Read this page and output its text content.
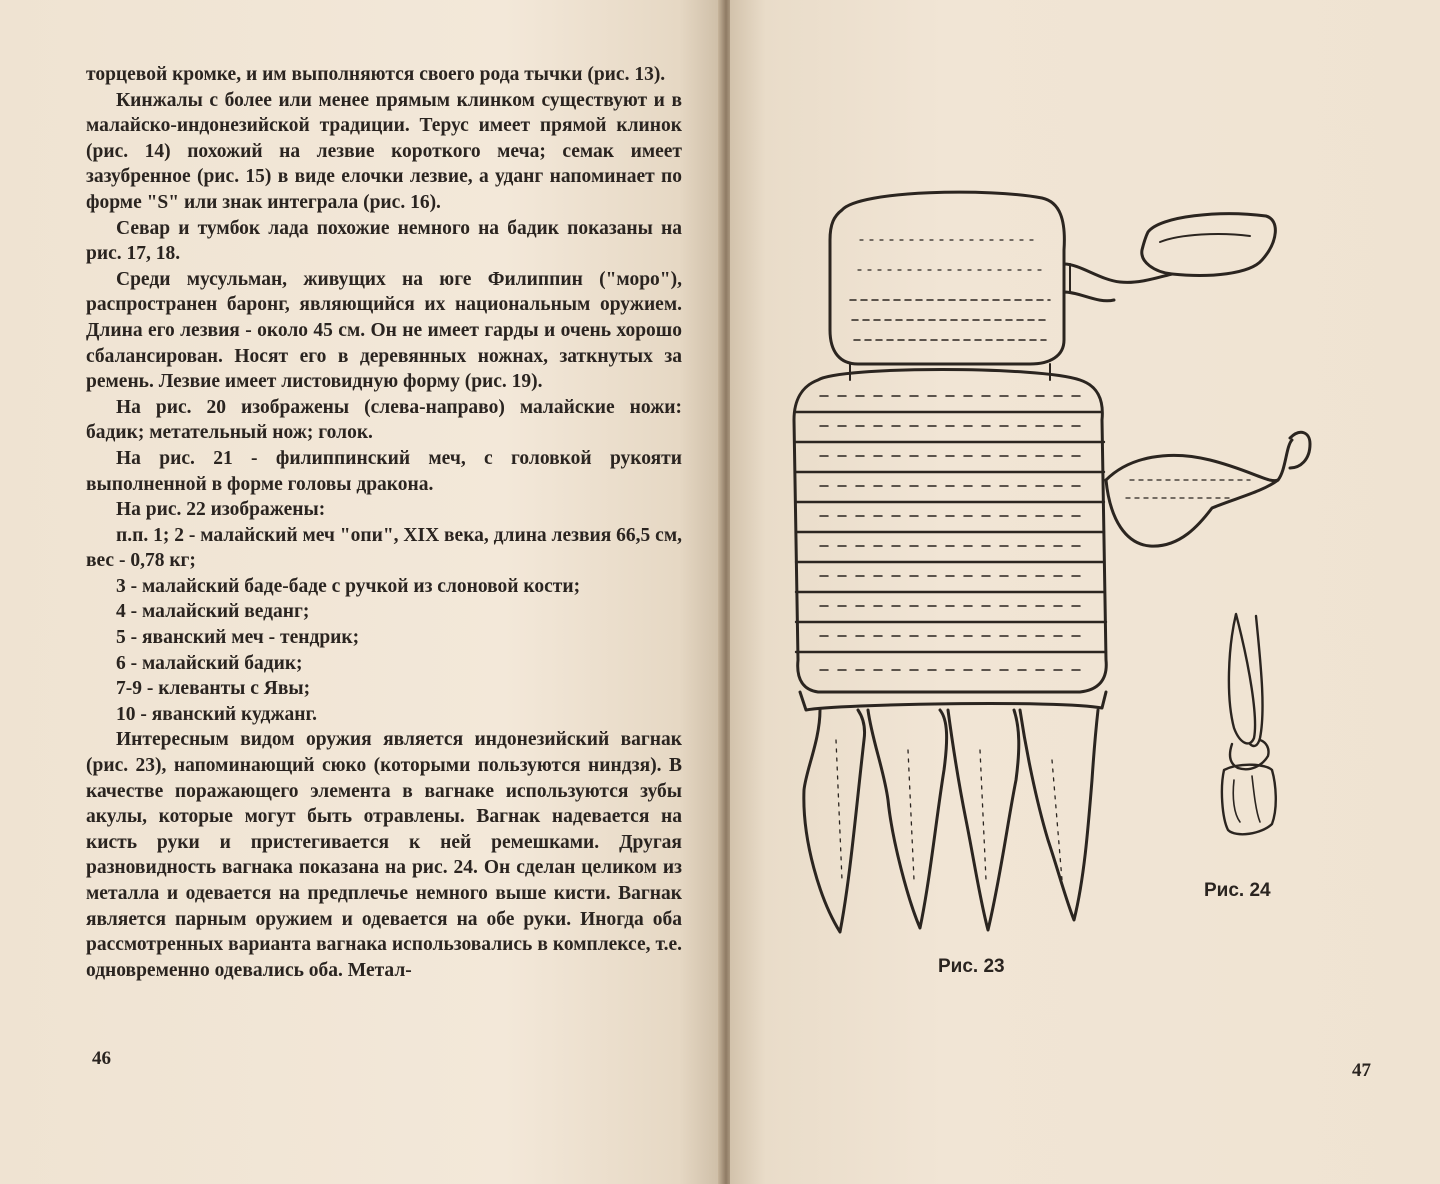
торцевой кромке, и им выполняются своего рода тычки (рис. 13).

Кинжалы с более или менее прямым клинком существуют и в малайско-индонезийской традиции. Терус имеет прямой клинок (рис. 14) похожий на лезвие короткого меча; семак имеет зазубренное (рис. 15) в виде елочки лезвие, а уданг напоминает по форме "S" или знак интеграла (рис. 16).

Севар и тумбок лада похожие немного на бадик показаны на рис. 17, 18.

Среди мусульман, живущих на юге Филиппин ("моро"), распространен баронг, являющийся их национальным оружием. Длина его лезвия - около 45 см. Он не имеет гарды и очень хорошо сбалансирован. Носят его в деревянных ножнах, заткнутых за ремень. Лезвие имеет листовидную форму (рис. 19).

На рис. 20 изображены (слева-направо) малайские ножи: бадик; метательный нож; голок.

На рис. 21 - филиппинский меч, с головкой рукояти выполненной в форме головы дракона.

На рис. 22 изображены:

п.п. 1; 2 - малайский меч "опи", XIX века, длина лезвия 66,5 см, вес - 0,78 кг;

3 - малайский баде-баде с ручкой из слоновой кости;

4 - малайский веданг;

5 - яванский меч - тендрик;

6 - малайский бадик;

7-9 - клеванты с Явы;

10 - яванский куджанг.

Интересным видом оружия является индонезийский вагнак (рис. 23), напоминающий сюко (которыми пользуются ниндзя). В качестве поражающего элемента в вагнаке используются зубы акулы, которые могут быть отравлены. Вагнак надевается на кисть руки и пристегивается к ней ремешками. Другая разновидность вагнака показана на рис. 24. Он сделан целиком из металла и одевается на предплечье немного выше кисти. Вагнак является парным оружием и одевается на обе руки. Иногда оба рассмотренных варианта вагнака использовались в комплексе, т.е. одновременно одевались оба. Метал-

46
Рис. 23
Рис. 24
47
